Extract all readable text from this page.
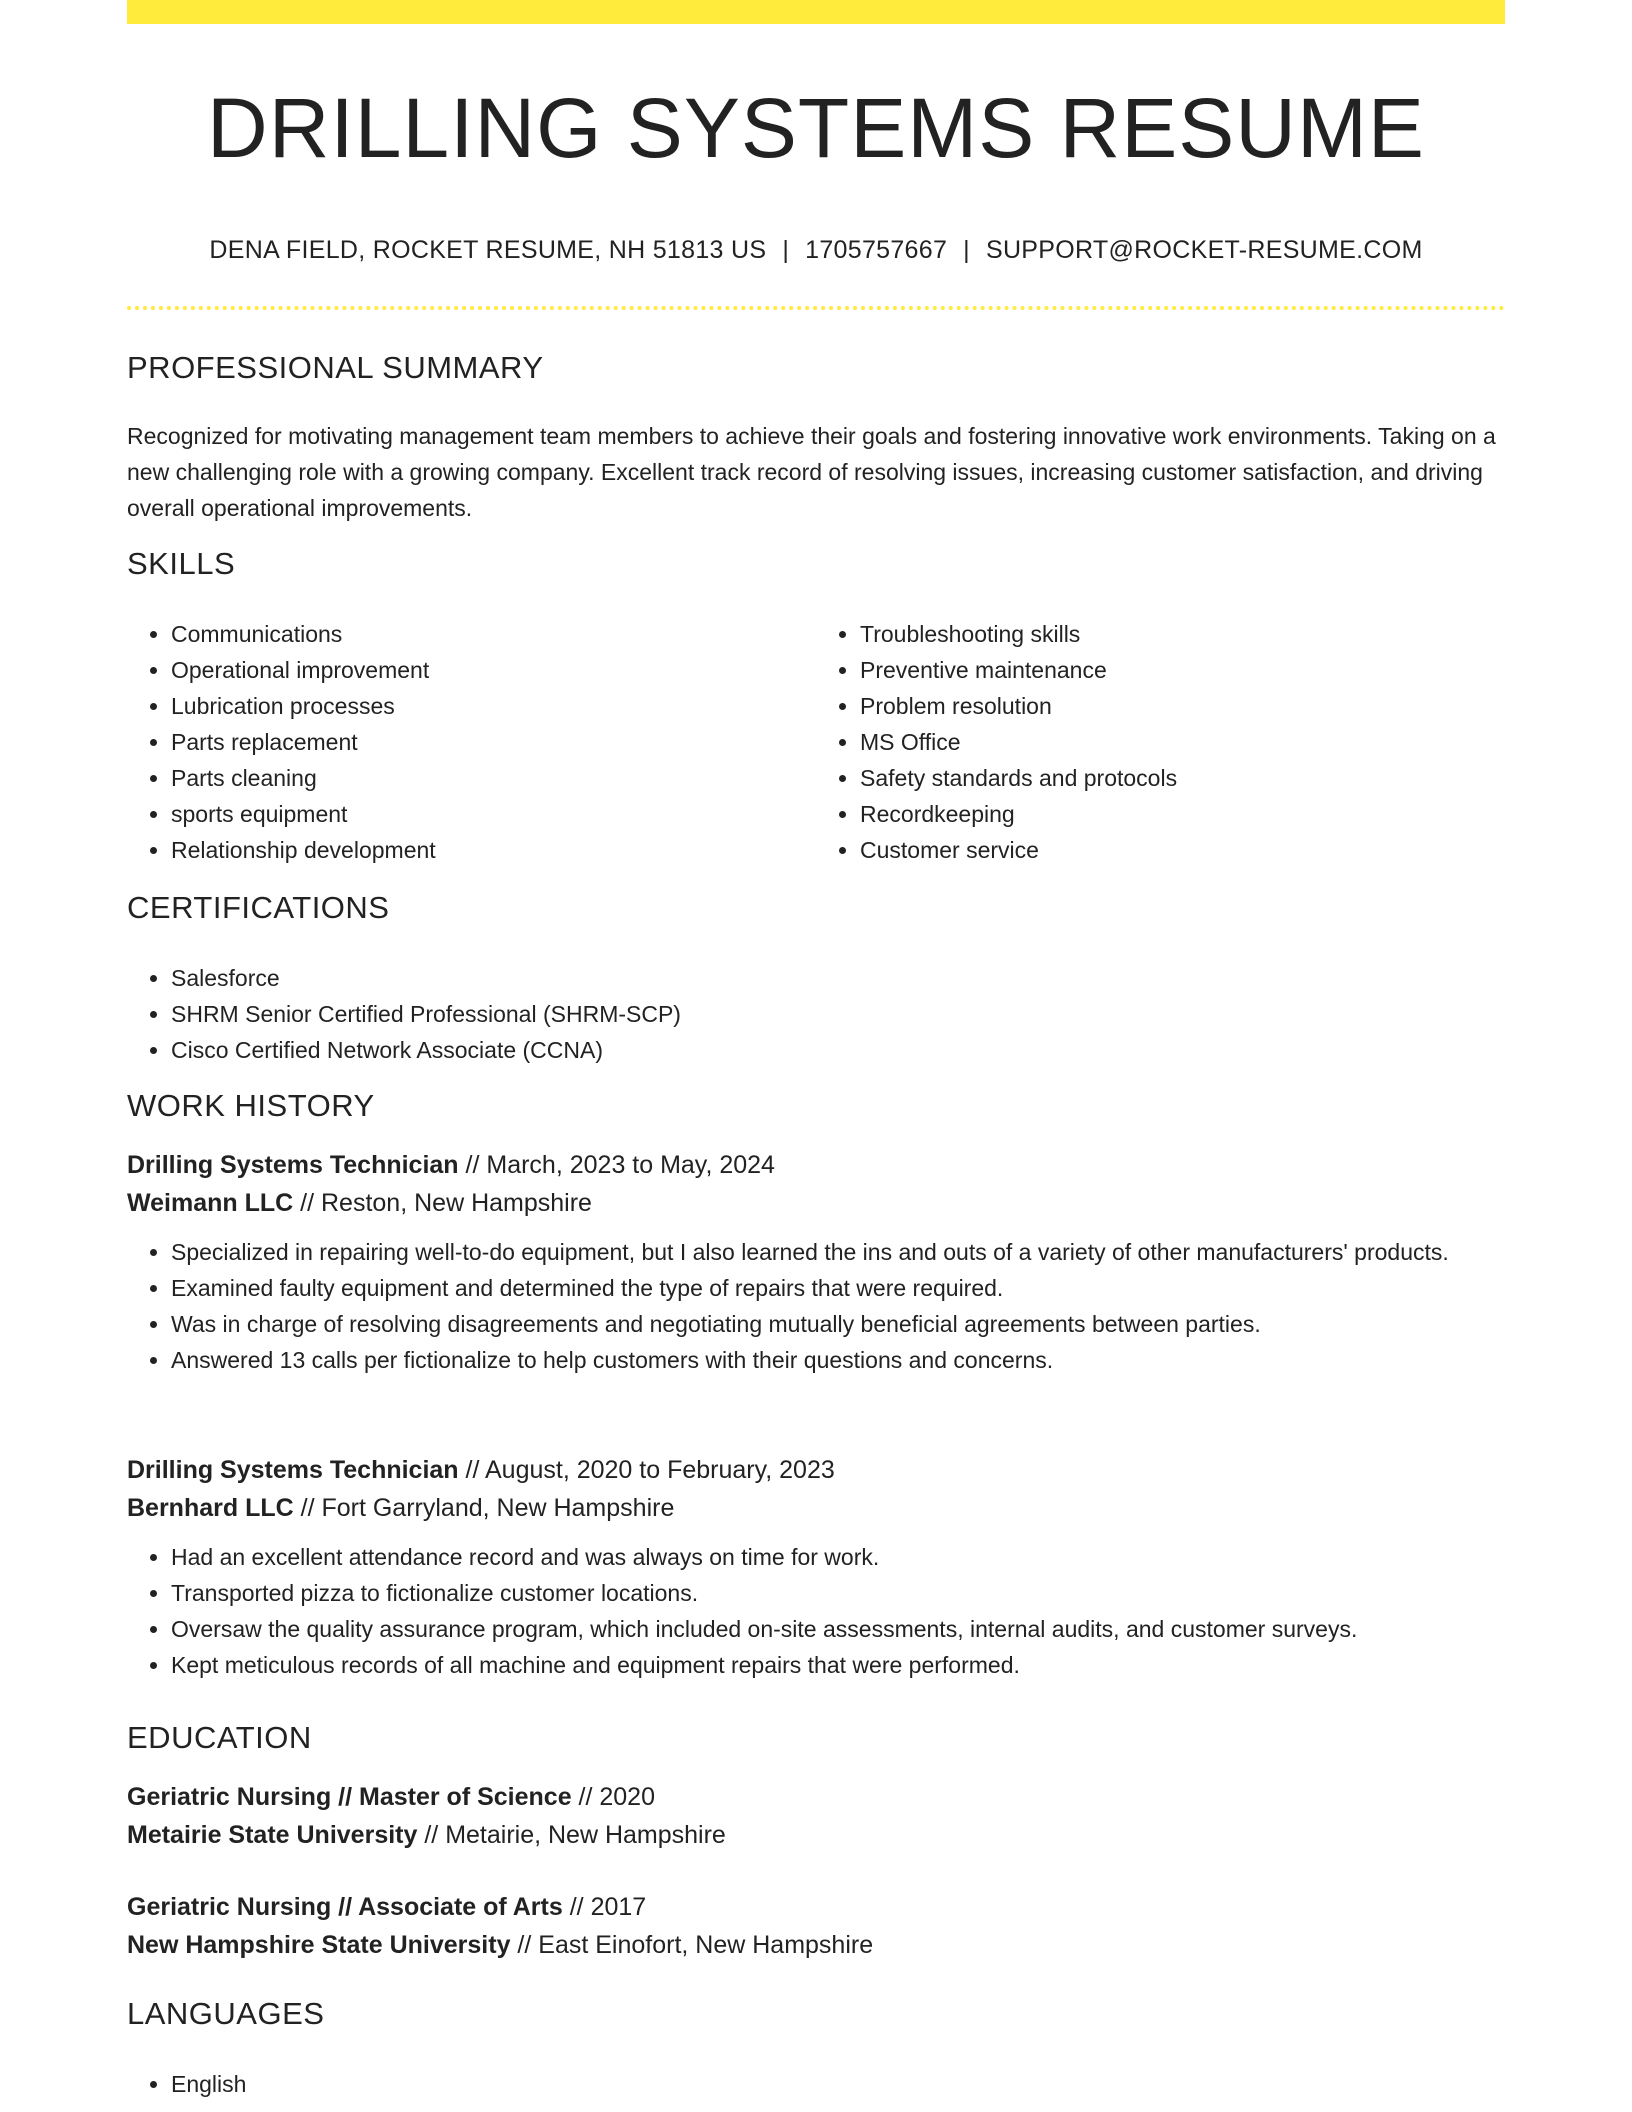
DRILLING SYSTEMS RESUME
DENA FIELD, ROCKET RESUME, NH 51813 US | 1705757667 | SUPPORT@ROCKET-RESUME.COM
PROFESSIONAL SUMMARY

Recognized for motivating management team members to achieve their goals and fostering innovative work environments. Taking on a new challenging role with a growing company. Excellent track record of resolving issues, increasing customer satisfaction, and driving overall operational improvements.

SKILLS
• Communications
• Operational improvement
• Lubrication processes
• Parts replacement
• Parts cleaning
• sports equipment
• Relationship development
• Troubleshooting skills
• Preventive maintenance
• Problem resolution
• MS Office
• Safety standards and protocols
• Recordkeeping
• Customer service
CERTIFICATIONS
• Salesforce
• SHRM Senior Certified Professional (SHRM-SCP)
• Cisco Certified Network Associate (CCNA)
WORK HISTORY
Drilling Systems Technician // March, 2023 to May, 2024
Weimann LLC // Reston, New Hampshire
• Specialized in repairing well-to-do equipment, but I also learned the ins and outs of a variety of other manufacturers' products.
• Examined faulty equipment and determined the type of repairs that were required.
• Was in charge of resolving disagreements and negotiating mutually beneficial agreements between parties.
• Answered 13 calls per fictionalize to help customers with their questions and concerns.
Drilling Systems Technician // August, 2020 to February, 2023
Bernhard LLC // Fort Garryland, New Hampshire
• Had an excellent attendance record and was always on time for work.
• Transported pizza to fictionalize customer locations.
• Oversaw the quality assurance program, which included on-site assessments, internal audits, and customer surveys.
• Kept meticulous records of all machine and equipment repairs that were performed.
EDUCATION
Geriatric Nursing // Master of Science // 2020
Metairie State University // Metairie, New Hampshire
Geriatric Nursing // Associate of Arts // 2017
New Hampshire State University // East Einofort, New Hampshire
LANGUAGES
• English
